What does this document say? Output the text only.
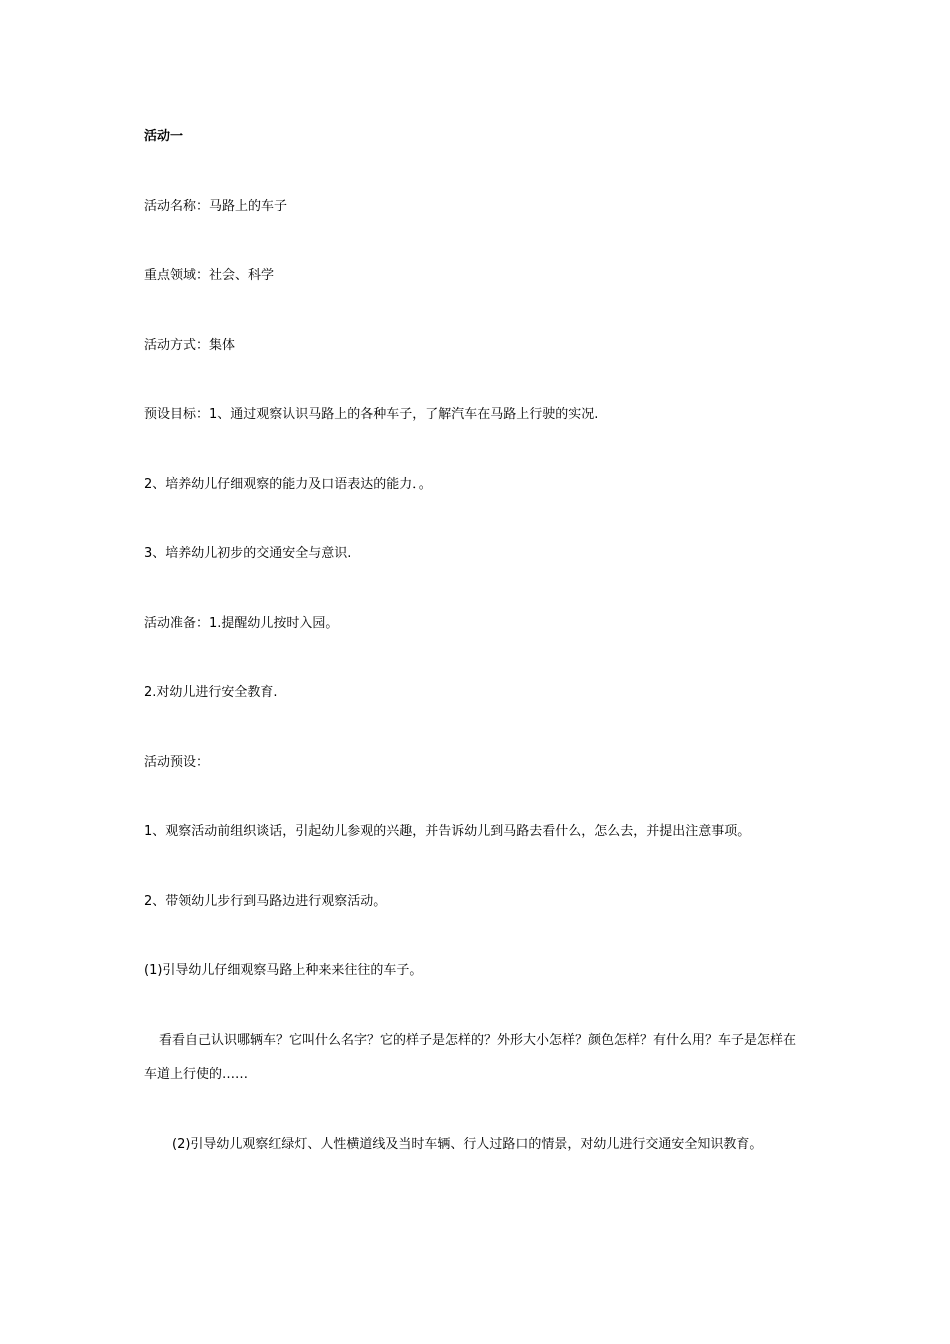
活动一
活动名称：马路上的车子
重点领域：社会、科学
活动方式：集体
预设目标：1、通过观察认识马路上的各种车子，了解汽车在马路上行驶的实况.
2、培养幼儿仔细观察的能力及口语表达的能力．。
3、培养幼儿初步的交通安全与意识.
活动准备：1.提醒幼儿按时入园。
2.对幼儿进行安全教育.
活动预设：
1、观察活动前组织谈话，引起幼儿参观的兴趣，并告诉幼儿到马路去看什么，怎么去，并提出注意事项。
2、带领幼儿步行到马路边进行观察活动。
(1)引导幼儿仔细观察马路上种来来往往的车子。
看看自己认识哪辆车？它叫什么名字？它的样子是怎样的？外形大小怎样？颜色怎样？有什么用？车子是怎样在车道上行使的……
(2)引导幼儿观察红绿灯、人性横道线及当时车辆、行人过路口的情景，对幼儿进行交通安全知识教育。
